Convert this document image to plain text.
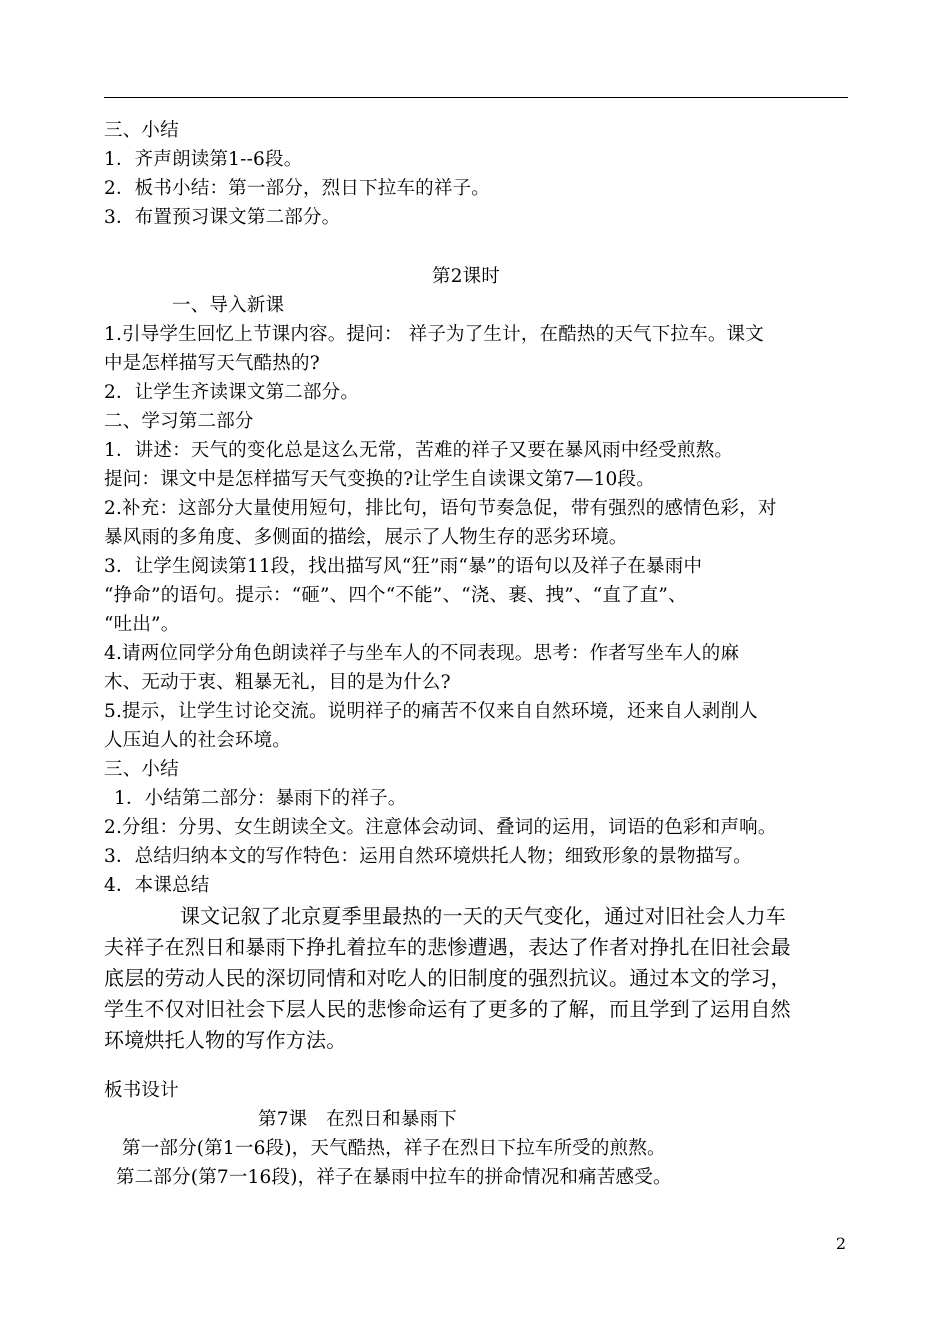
三、小结
1．齐声朗读第1--6段。
2．板书小结：第一部分，烈日下拉车的祥子。
3．布置预习课文第二部分。
第2课时
一、导入新课
1.引导学生回忆上节课内容。提问： 祥子为了生计，在酷热的天气下拉车。课文
中是怎样描写天气酷热的?
2．让学生齐读课文第二部分。
二、学习第二部分
1．讲述：天气的变化总是这么无常，苦难的祥子又要在暴风雨中经受煎熬。
提问：课文中是怎样描写天气变换的?让学生自读课文第7—10段。
2.补充：这部分大量使用短句，排比句，语句节奏急促，带有强烈的感情色彩，对
暴风雨的多角度、多侧面的描绘，展示了人物生存的恶劣环境。
3．让学生阅读第11段，找出描写风“狂”雨“暴”的语句以及祥子在暴雨中
“挣命”的语句。提示：“砸”、四个“不能”、“浇、裹、拽”、“直了直”、
“吐出”。
4.请两位同学分角色朗读祥子与坐车人的不同表现。思考：作者写坐车人的麻
木、无动于衷、粗暴无礼，目的是为什么?
5.提示，让学生讨论交流。说明祥子的痛苦不仅来自自然环境，还来自人剥削人
人压迫人的社会环境。
三、小结
1．小结第二部分：暴雨下的祥子。
2.分组：分男、女生朗读全文。注意体会动词、叠词的运用，词语的色彩和声响。
3．总结归纳本文的写作特色：运用自然环境烘托人物；细致形象的景物描写。
4．本课总结
课文记叙了北京夏季里最热的一天的天气变化，通过对旧社会人力车
夫祥子在烈日和暴雨下挣扎着拉车的悲惨遭遇，表达了作者对挣扎在旧社会最
底层的劳动人民的深切同情和对吃人的旧制度的强烈抗议。通过本文的学习，
学生不仅对旧社会下层人民的悲惨命运有了更多的了解，而且学到了运用自然
环境烘托人物的写作方法。
板书设计
第7课　在烈日和暴雨下
第一部分(第1一6段)，天气酷热，祥子在烈日下拉车所受的煎熬。
第二部分(第7一16段)，祥子在暴雨中拉车的拼命情况和痛苦感受。
2
